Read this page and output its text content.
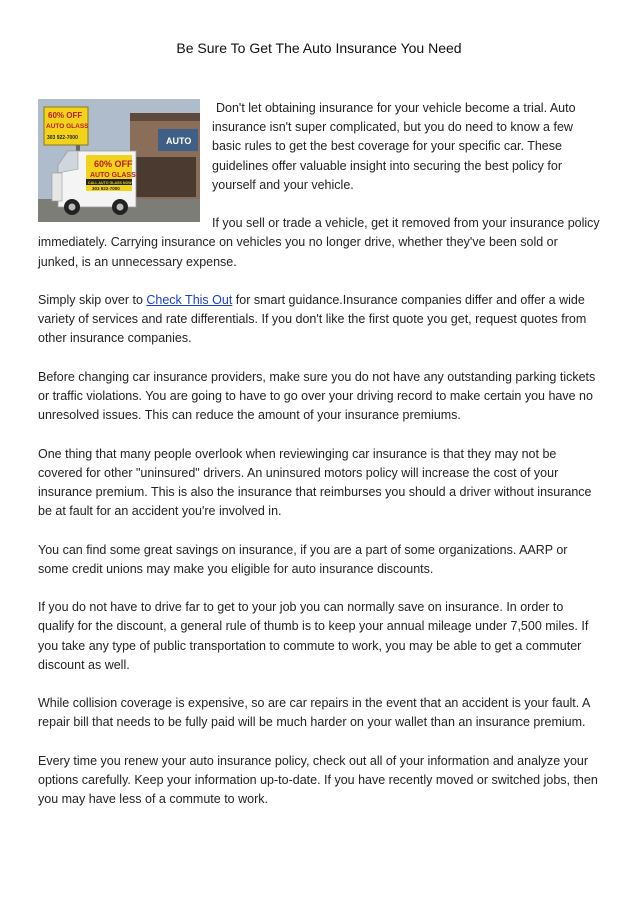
Be Sure To Get The Auto Insurance You Need
AUTO
60% OFF
AUTO GLASS
303 922-7000
60% OFF
AUTO GLASS
CALL AUTO GLASS NOW
303 922-7000

Don't let obtaining insurance for your vehicle become a trial. Auto insurance isn't super complicated, but you do need to know a few basic rules to get the best coverage for your specific car. These guidelines offer valuable insight into securing the best policy for yourself and your vehicle.

If you sell or trade a vehicle, get it removed from your insurance policy immediately. Carrying insurance on vehicles you no longer drive, whether they've been sold or junked, is an unnecessary expense.

Simply skip over to Check This Out for smart guidance.Insurance companies differ and offer a wide variety of services and rate differentials. If you don't like the first quote you get, request quotes from other insurance companies.

Before changing car insurance providers, make sure you do not have any outstanding parking tickets or traffic violations. You are going to have to go over your driving record to make certain you have no unresolved issues. This can reduce the amount of your insurance premiums.

One thing that many people overlook when reviewinging car insurance is that they may not be covered for other "uninsured" drivers. An uninsured motors policy will increase the cost of your insurance premium. This is also the insurance that reimburses you should a driver without insurance be at fault for an accident you're involved in.

You can find some great savings on insurance, if you are a part of some organizations. AARP or some credit unions may make you eligible for auto insurance discounts.

If you do not have to drive far to get to your job you can normally save on insurance. In order to qualify for the discount, a general rule of thumb is to keep your annual mileage under 7,500 miles. If you take any type of public transportation to commute to work, you may be able to get a commuter discount as well.

While collision coverage is expensive, so are car repairs in the event that an accident is your fault. A repair bill that needs to be fully paid will be much harder on your wallet than an insurance premium.

Every time you renew your auto insurance policy, check out all of your information and analyze your options carefully. Keep your information up-to-date. If you have recently moved or switched jobs, then you may have less of a commute to work.
